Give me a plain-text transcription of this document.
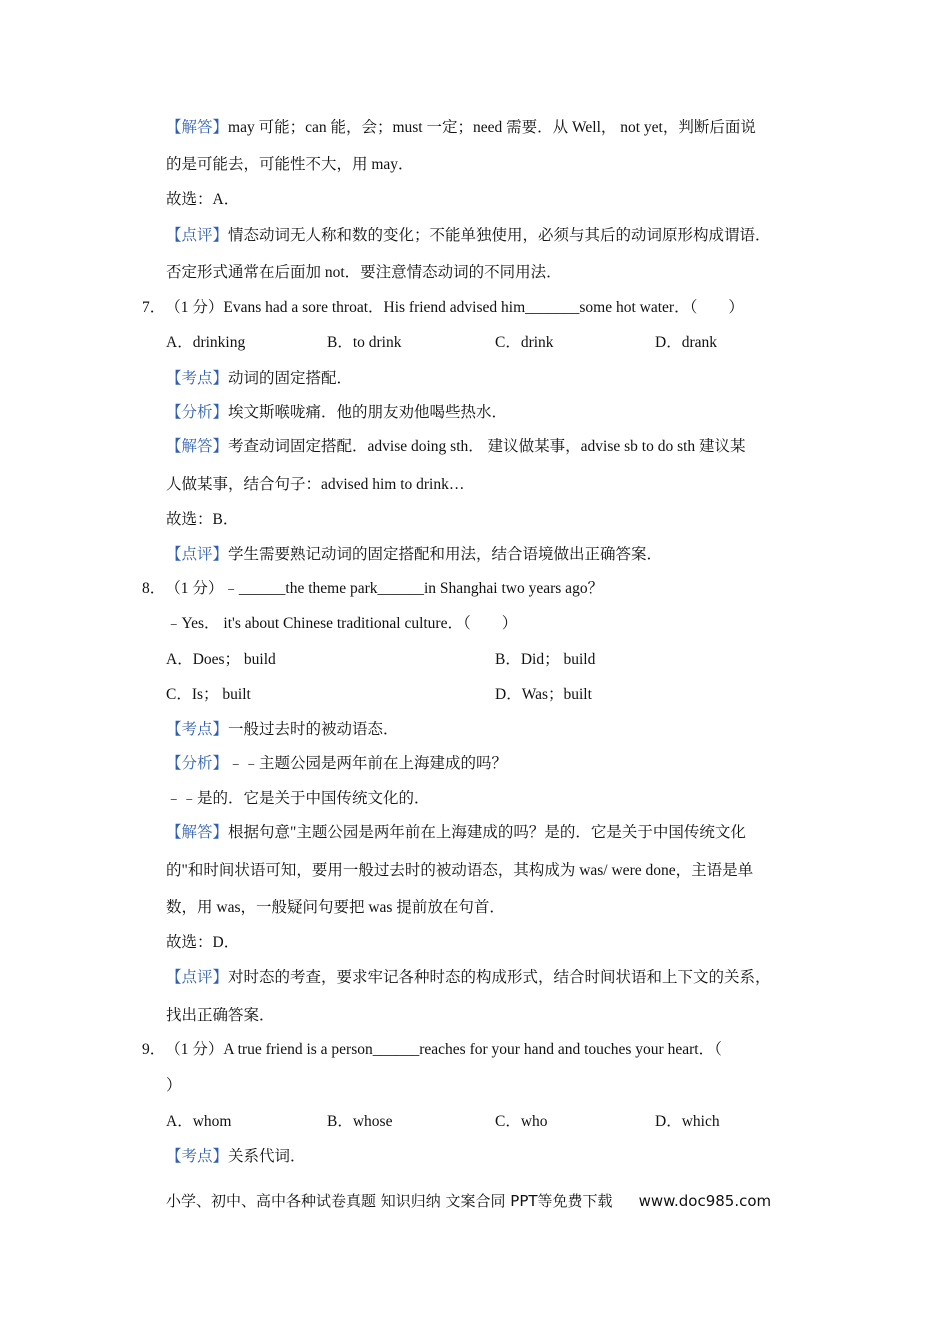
【解答】may 可能；can 能，会；must 一定；need 需要．从 Well， not yet，判断后面说
的是可能去，可能性不大，用 may．
故选：A．
【点评】情态动词无人称和数的变化；不能单独使用，必须与其后的动词原形构成谓语．
否定形式通常在后面加 not．要注意情态动词的不同用法．
7．（1 分）Evans had a sore throat．His friend advised him_______some hot water．（　　）
A．drinking	B．to drink	C．drink	D．drank
【考点】动词的固定搭配．
【分析】埃文斯喉咙痛．他的朋友劝他喝些热水．
【解答】考查动词固定搭配．advise doing sth． 建议做某事，advise sb to do sth 建议某
人做某事，结合句子：advised him to drink…
故选：B．
【点评】学生需要熟记动词的固定搭配和用法，结合语境做出正确答案．
8．（1 分）﹣______the theme park______in Shanghai two years ago？
﹣Yes． it's about Chinese traditional culture．（　　）
A．Does； build	B．Did； build
C．Is； built	D．Was；built
【考点】一般过去时的被动语态．
【分析】﹣﹣主题公园是两年前在上海建成的吗？
﹣﹣是的．它是关于中国传统文化的．
【解答】根据句意"主题公园是两年前在上海建成的吗？是的．它是关于中国传统文化
的"和时间状语可知，要用一般过去时的被动语态，其构成为 was/ were done，主语是单
数，用 was，一般疑问句要把 was 提前放在句首．
故选：D．
【点评】对时态的考查，要求牢记各种时态的构成形式，结合时间状语和上下文的关系，
找出正确答案．
9．（1 分）A true friend is a person______reaches for your hand and touches your heart．（
）
A．whom	B．whose	C．who	D．which
【考点】关系代词．
小学、初中、高中各种试卷真题 知识归纳 文案合同 PPT等免费下载 www.doc985.com
